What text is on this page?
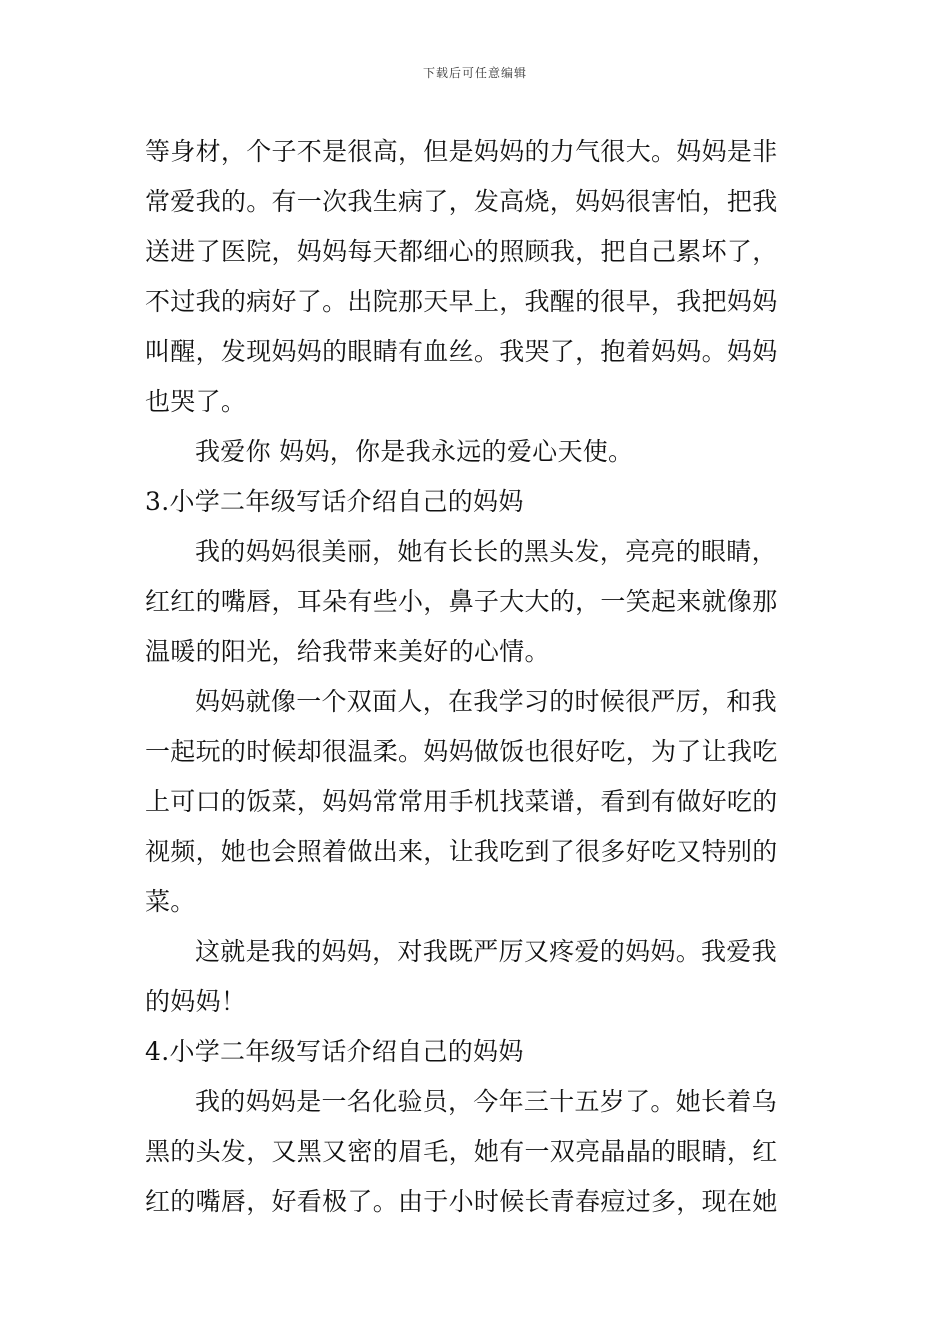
下载后可任意编辑
等身材，个子不是很高，但是妈妈的力气很大。妈妈是非
常爱我的。有一次我生病了，发高烧，妈妈很害怕，把我
送进了医院，妈妈每天都细心的照顾我，把自己累坏了，
不过我的病好了。出院那天早上，我醒的很早，我把妈妈
叫醒，发现妈妈的眼睛有血丝。我哭了，抱着妈妈。妈妈
也哭了。
我爱你 妈妈，你是我永远的爱心天使。
3.小学二年级写话介绍自己的妈妈
我的妈妈很美丽，她有长长的黑头发，亮亮的眼睛，
红红的嘴唇，耳朵有些小，鼻子大大的，一笑起来就像那
温暖的阳光，给我带来美好的心情。
妈妈就像一个双面人，在我学习的时候很严厉，和我
一起玩的时候却很温柔。妈妈做饭也很好吃，为了让我吃
上可口的饭菜，妈妈常常用手机找菜谱，看到有做好吃的
视频，她也会照着做出来，让我吃到了很多好吃又特别的
菜。
这就是我的妈妈，对我既严厉又疼爱的妈妈。我爱我
的妈妈！
4.小学二年级写话介绍自己的妈妈
我的妈妈是一名化验员，今年三十五岁了。她长着乌
黑的头发，又黑又密的眉毛，她有一双亮晶晶的眼睛，红
红的嘴唇，好看极了。由于小时候长青春痘过多，现在她
